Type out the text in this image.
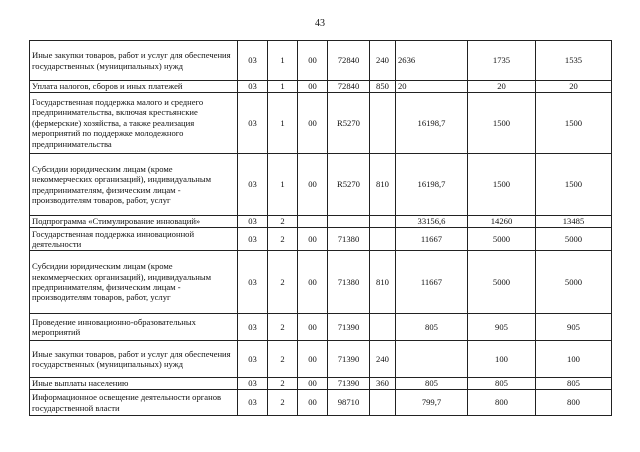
43
Иные закупки товаров, работ и услуг для обеспечения государственных (муниципальных) нужд	03	1	00	72840	240	2636	1735	1535
Уплата налогов, сборов и иных платежей	03	1	00	72840	850	20	20	20
Государственная поддержка малого и среднего предпринимательства, включая крестьянские (фермерские) хозяйства, а также реализация мероприятий по поддержке молодежного предпринимательства	03	1	00	R5270		16198,7	1500	1500
Субсидии юридическим лицам (кроме некоммерческих организаций), индивидуальным предпринимателям, физическим лицам - производителям товаров, работ, услуг	03	1	00	R5270	810	16198,7	1500	1500
Подпрограмма «Стимулирование инноваций»	03	2				33156,6	14260	13485
Государственная поддержка инновационной деятельности	03	2	00	71380		11667	5000	5000
Субсидии юридическим лицам (кроме некоммерческих организаций), индивидуальным предпринимателям, физическим лицам - производителям товаров, работ, услуг	03	2	00	71380	810	11667	5000	5000
Проведение инновационно-образовательных мероприятий	03	2	00	71390		805	905	905
Иные закупки товаров, работ и услуг для обеспечения государственных (муниципальных) нужд	03	2	00	71390	240		100	100
Иные выплаты населению	03	2	00	71390	360	805	805	805
Информационное освещение деятельности органов государственной власти	03	2	00	98710		799,7	800	800
